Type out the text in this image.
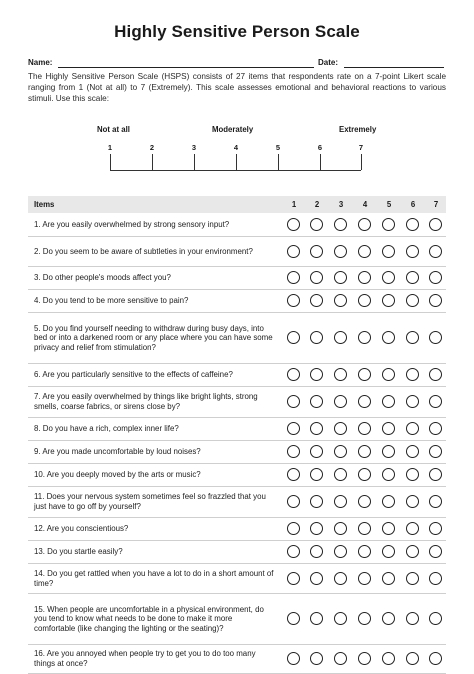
Highly Sensitive Person Scale
Name:	Date:
The Highly Sensitive Person Scale (HSPS) consists of 27 items that respondents rate on a 7-point Likert scale ranging from 1 (Not at all) to 7 (Extremely). This scale assesses emotional and behavioral reactions to various stimuli. Use this scale:
Not at all	Moderately	Extremely
1	2	3	4	5	6	7
Items	1	2	3	4	5	6	7
1. Are you easily overwhelmed by strong sensory input?
2. Do you seem to be aware of subtleties in your environment?
3. Do other people's moods affect you?
4. Do you tend to be more sensitive to pain?
5. Do you find yourself needing to withdraw during busy days, into bed or into a darkened room or any place where you can have some privacy and relief from stimulation?
6. Are you particularly sensitive to the effects of caffeine?
7. Are you easily overwhelmed by things like bright lights, strong smells, coarse fabrics, or sirens close by?
8. Do you have a rich, complex inner life?
9. Are you made uncomfortable by loud noises?
10. Are you deeply moved by the arts or music?
11. Does your nervous system sometimes feel so frazzled that you just have to go off by yourself?
12. Are you conscientious?
13. Do you startle easily?
14. Do you get rattled when you have a lot to do in a short amount of time?
15. When people are uncomfortable in a physical environment, do you tend to know what needs to be done to make it more comfortable (like changing the lighting or the seating)?
16. Are you annoyed when people try to get you to do too many things at once?
